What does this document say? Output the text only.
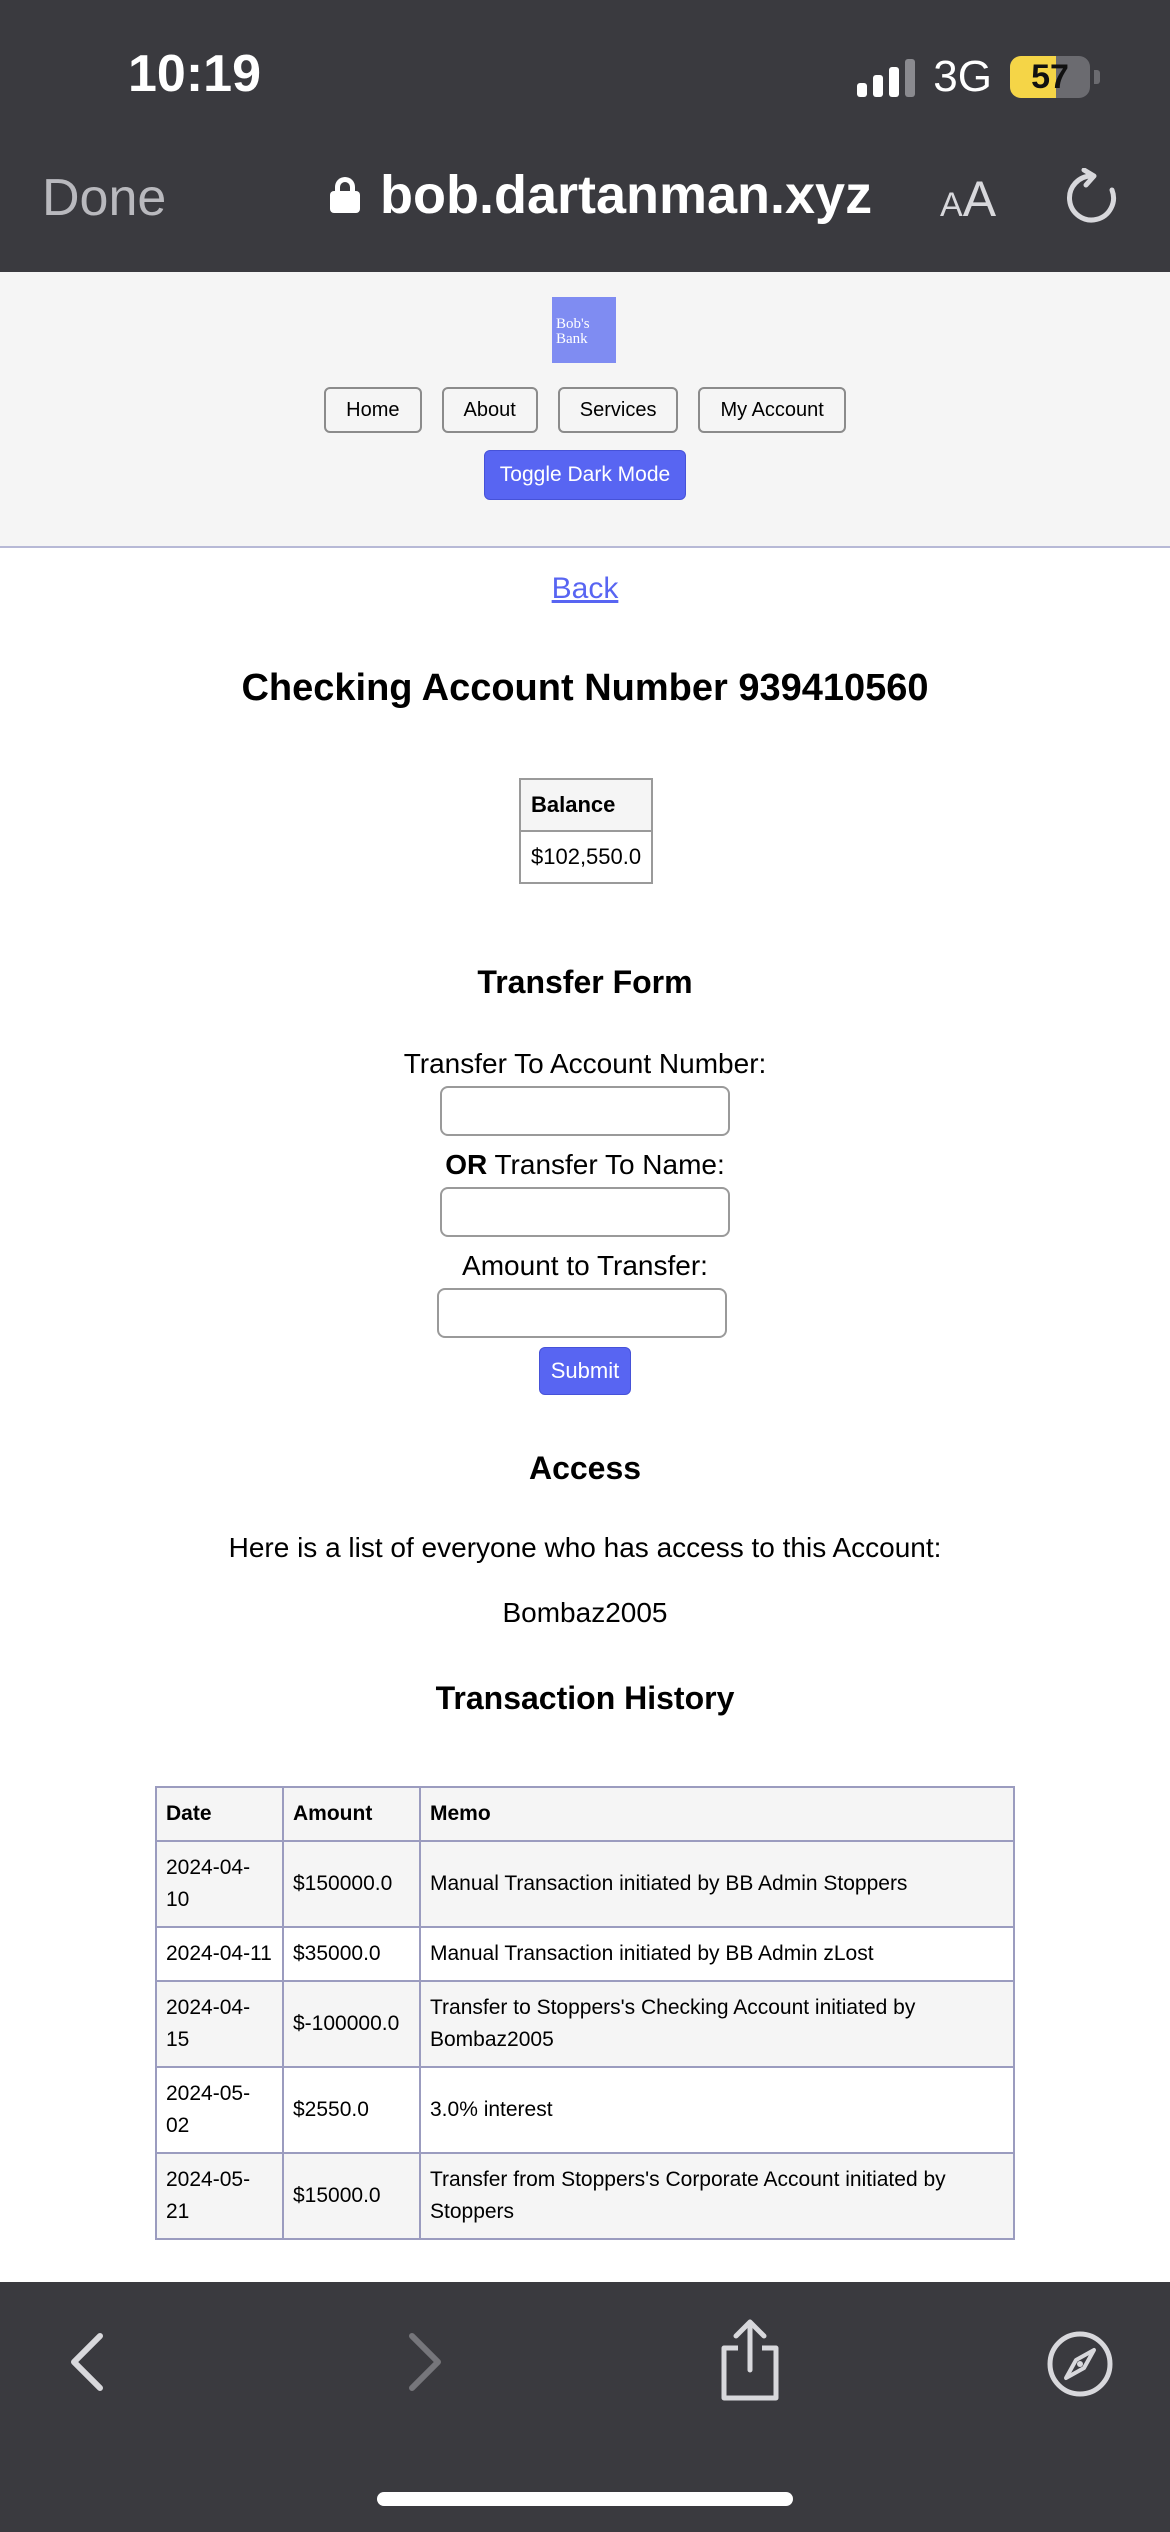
10:19	3G 57
Done	bob.dartanman.xyz AA
Bob's
Bank
Home	About	Services	My Account
Toggle Dark Mode
Back
Checking Account Number 939410560
Balance
$102,550.0
Transfer Form
Transfer To Account Number:
OR Transfer To Name:
Amount to Transfer:
Submit
Access
Here is a list of everyone who has access to this Account:
Bombaz2005
Transaction History
Date	Amount	Memo
2024-04-10	$150000.0	Manual Transaction initiated by BB Admin Stoppers
2024-04-11	$35000.0	Manual Transaction initiated by BB Admin zLost
2024-04-15	$-100000.0	Transfer to Stoppers's Checking Account initiated by Bombaz2005
2024-05-02	$2550.0	3.0% interest
2024-05-21	$15000.0	Transfer from Stoppers's Corporate Account initiated by Stoppers
